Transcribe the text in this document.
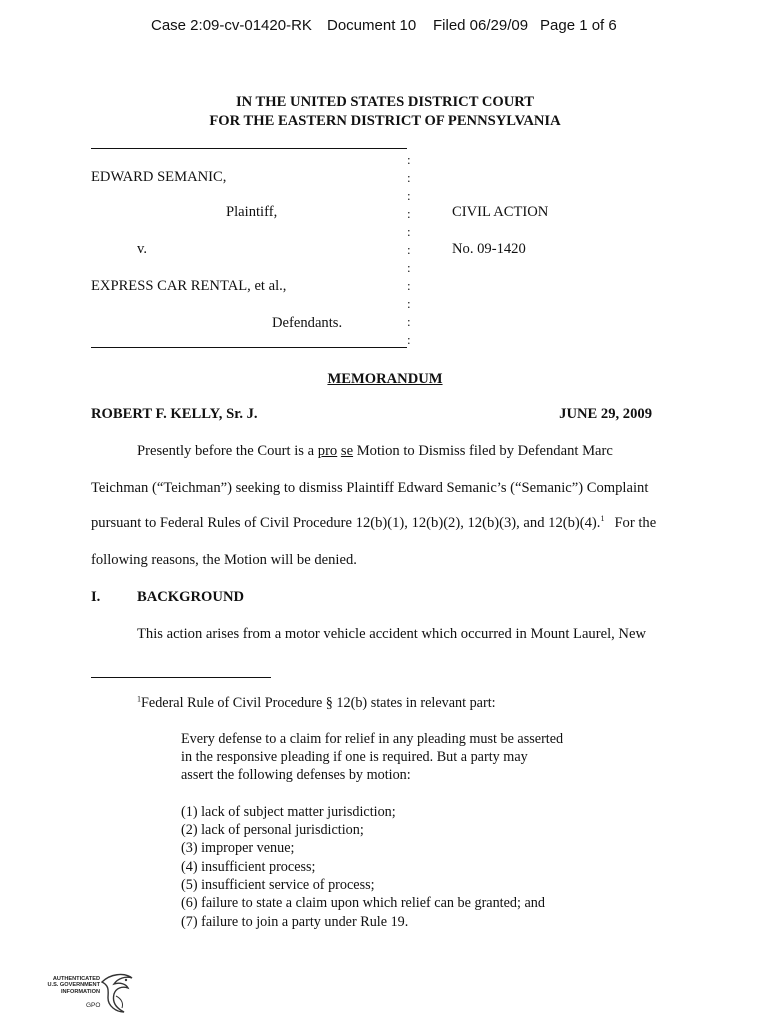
Case 2:09-cv-01420-RK Document 10 Filed 06/29/09 Page 1 of 6
IN THE UNITED STATES DISTRICT COURT
FOR THE EASTERN DISTRICT OF PENNSYLVANIA
:
:
:
:
:
:
:
:
:
:
:
EDWARD SEMANIC,
Plaintiff,	CIVIL ACTION
v.	No. 09-1420
EXPRESS CAR RENTAL, et al.,
Defendants.
MEMORANDUM
ROBERT F. KELLY, Sr. J.	JUNE 29, 2009
Presently before the Court is a pro se Motion to Dismiss filed by Defendant Marc
Teichman (“Teichman”) seeking to dismiss Plaintiff Edward Semanic’s (“Semanic”) Complaint
pursuant to Federal Rules of Civil Procedure 12(b)(1), 12(b)(2), 12(b)(3), and 12(b)(4).$^1$ For the
following reasons, the Motion will be denied.
I.	BACKGROUND
This action arises from a motor vehicle accident which occurred in Mount Laurel, New
$^1$Federal Rule of Civil Procedure § 12(b) states in relevant part:
Every defense to a claim for relief in any pleading must be asserted
in the responsive pleading if one is required. But a party may
assert the following defenses by motion:
(1) lack of subject matter jurisdiction;
(2) lack of personal jurisdiction;
(3) improper venue;
(4) insufficient process;
(5) insufficient service of process;
(6) failure to state a claim upon which relief can be granted; and
(7) failure to join a party under Rule 19.
AUTHENTICATED
U.S. GOVERNMENT
INFORMATION
GPO
